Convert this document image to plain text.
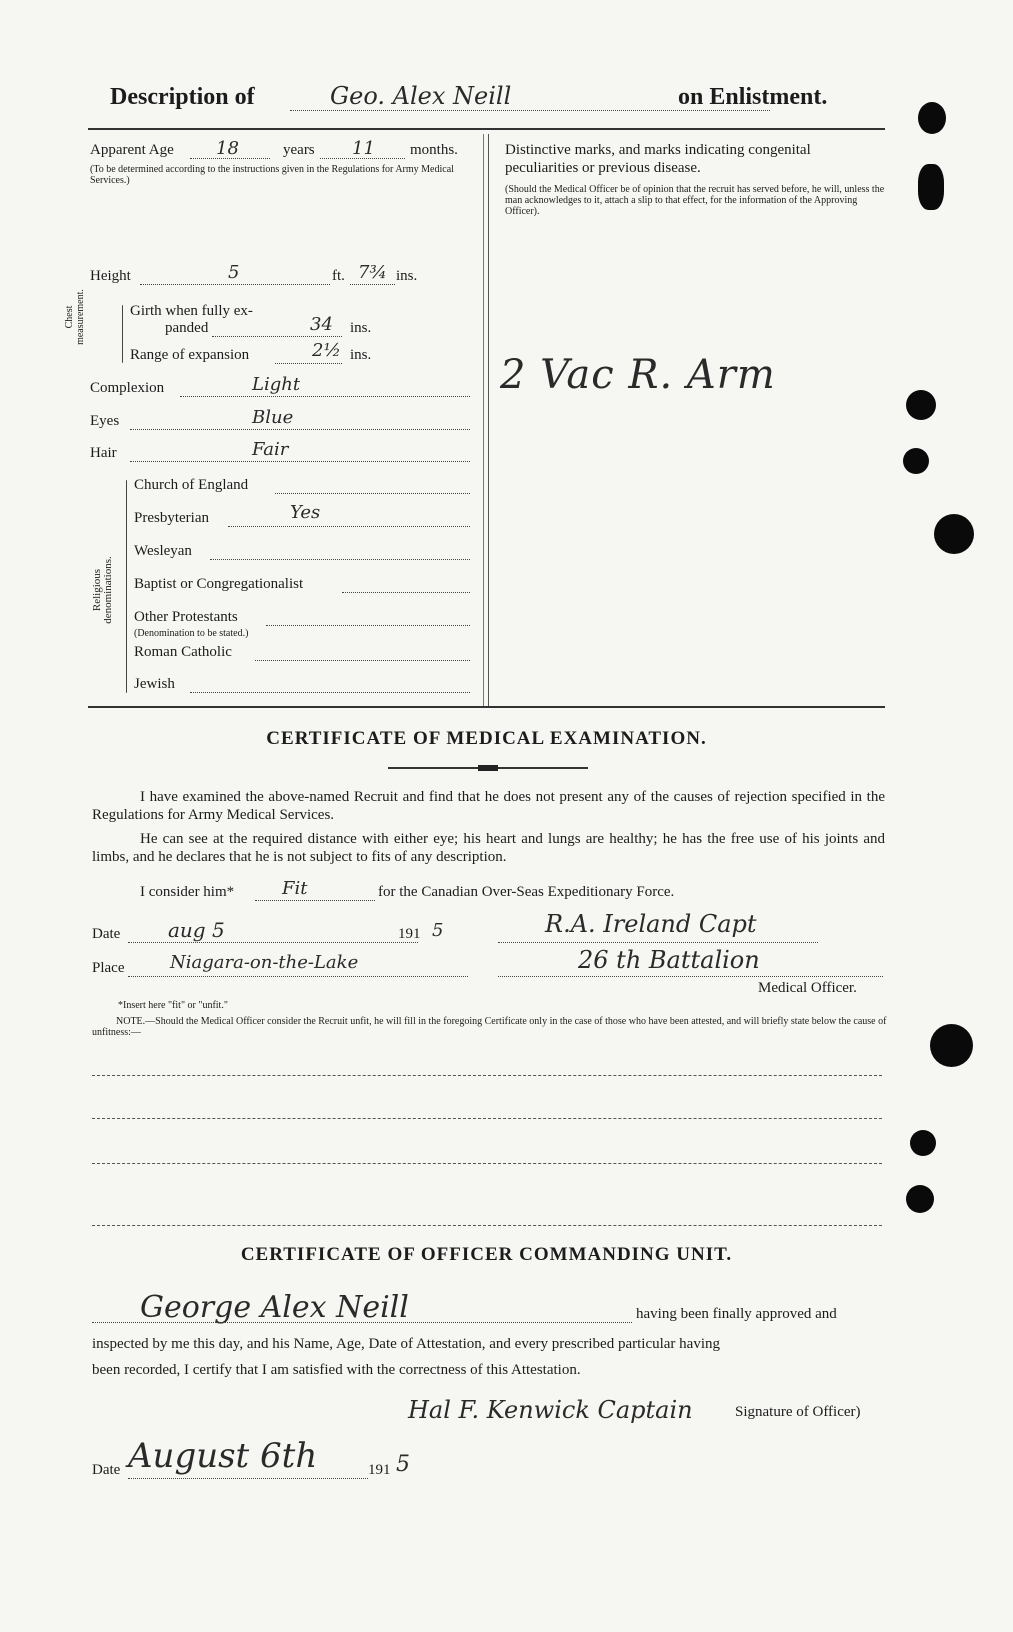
Description of	Geo. Alex Neill	on Enlistment.
Apparent Age 18	years 11 months.
(To be determined according to the instructions given in the Regulations for Army Medical Services.)
Height	5	ft. 7¾ ins.
Chest measurement.	Girth when fully ex-
panded	34 ins.
Range of expansion	2½ ins.
Complexion	Light
Eyes	Blue
Hair	Fair
Religious denominations.
Church of England
Presbyterian	Yes
Wesleyan
Baptist or Congregationalist
Other Protestants
(Denomination to be stated.)
Roman Catholic
Jewish
Distinctive marks, and marks indicating congenital peculiarities or previous disease.
(Should the Medical Officer be of opinion that the recruit has served before, he will, unless the man acknowledges to it, attach a slip to that effect, for the information of the Approving Officer).
2 Vac R. Arm
CERTIFICATE OF MEDICAL EXAMINATION.
I have examined the above-named Recruit and find that he does not present any of the causes of rejection specified in the Regulations for Army Medical Services.
He can see at the required distance with either eye; his heart and lungs are healthy; he has the free use of his joints and limbs, and he declares that he is not subject to fits of any description.
I consider him*	Fit	for the Canadian Over-Seas Expeditionary Force.
Date aug 5	191 5	R.A. Ireland Capt
Place	Niagara-on-the-Lake	26 th Battalion
Medical Officer.
*Insert here "fit" or "unfit."
NOTE.—Should the Medical Officer consider the Recruit unfit, he will fill in the foregoing Certificate only in the case of those who have been attested, and will briefly state below the cause of unfitness:—
CERTIFICATE OF OFFICER COMMANDING UNIT.
George Alex Neill	having been finally approved and
inspected by me this day, and his Name, Age, Date of Attestation, and every prescribed particular having
been recorded, I certify that I am satisfied with the correctness of this Attestation.
Hal F. Kenwick Captain	Signature of Officer)
Date August 6th	191 5
